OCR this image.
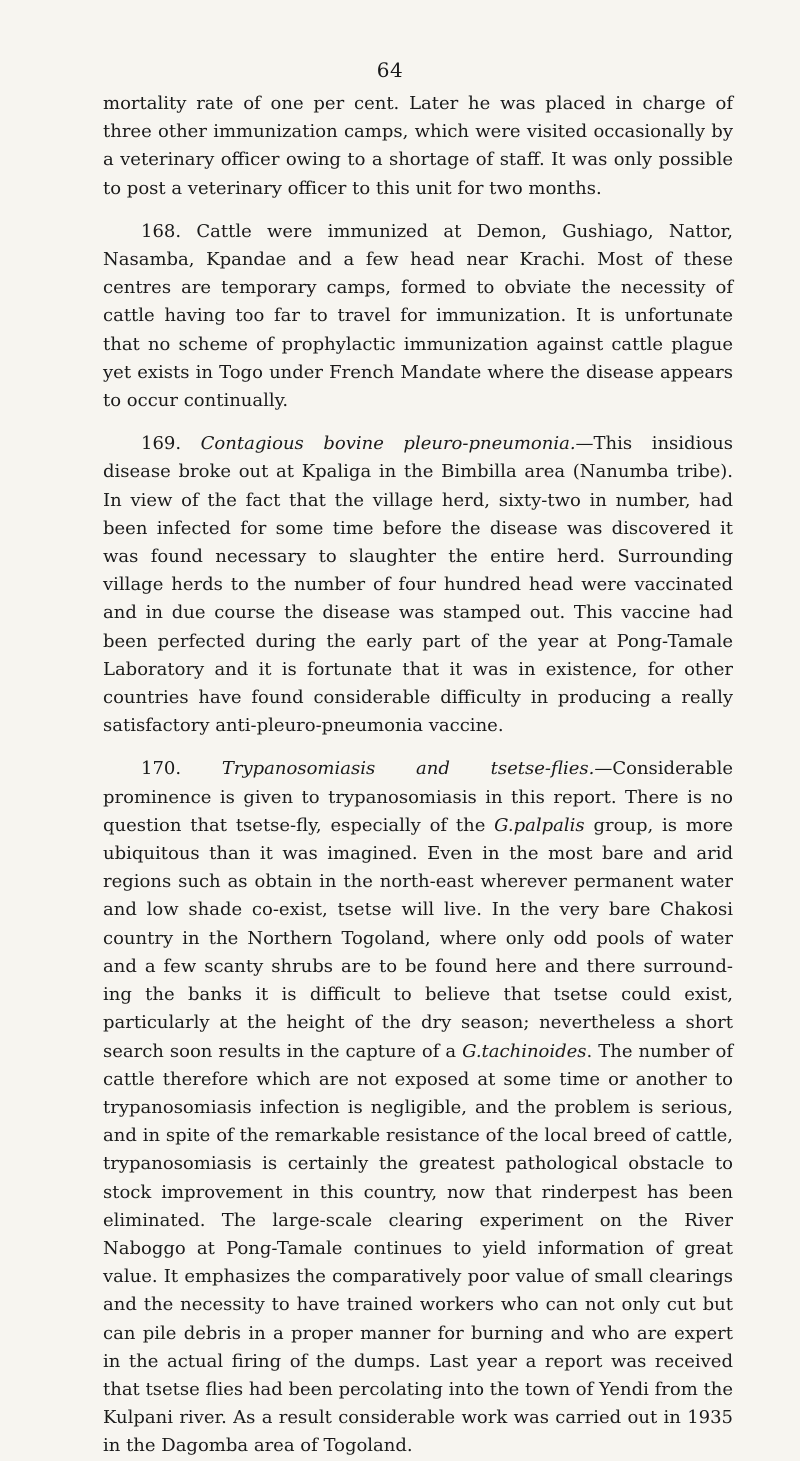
64

mortality rate of one per cent. Later he was placed in charge of three other immunization camps, which were visited occasionally by a veterinary officer owing to a shortage of staff. It was only possible to post a veterinary officer to this unit for two months.

168. Cattle were immunized at Demon, Gushiago, Nattor, Nasamba, Kpandae and a few head near Krachi. Most of these centres are temporary camps, formed to obviate the necessity of cattle having too far to travel for immunization. It is unfortunate that no scheme of prophylactic immunization against cattle plague yet exists in Togo under French Mandate where the disease appears to occur continually.

169. Contagious bovine pleuro-pneumonia.—This insidious disease broke out at Kpaliga in the Bimbilla area (Nanumba tribe). In view of the fact that the village herd, sixty-two in number, had been infected for some time before the disease was discovered it was found necessary to slaughter the entire herd. Surrounding village herds to the number of four hundred head were vaccinated and in due course the disease was stamped out. This vaccine had been perfected during the early part of the year at Pong-Tamale Laboratory and it is fortunate that it was in existence, for other countries have found considerable difficulty in producing a really satisfactory anti-pleuro-pneumonia vaccine.

170. Trypanosomiasis and tsetse-flies.—Considerable prominence is given to trypanosomiasis in this report. There is no question that tsetse-fly, especially of the G.palpalis group, is more ubiquitous than it was imagined. Even in the most bare and arid regions such as obtain in the north-east wherever permanent water and low shade co-exist, tsetse will live. In the very bare Chakosi country in the Northern Togoland, where only odd pools of water and a few scanty shrubs are to be found here and there surround-ing the banks it is difficult to believe that tsetse could exist, particularly at the height of the dry season; nevertheless a short search soon results in the capture of a G.tachinoides. The number of cattle therefore which are not exposed at some time or another to trypanosomiasis infection is negligible, and the problem is serious, and in spite of the remarkable resistance of the local breed of cattle, trypanosomiasis is certainly the greatest pathological obstacle to stock improvement in this country, now that rinderpest has been eliminated. The large-scale clearing experiment on the River Naboggo at Pong-Tamale continues to yield information of great value. It emphasizes the comparatively poor value of small clearings and the necessity to have trained workers who can not only cut but can pile debris in a proper manner for burning and who are expert in the actual firing of the dumps. Last year a report was received that tsetse flies had been percolating into the town of Yendi from the Kulpani river. As a result considerable work was carried out in 1935 in the Dagomba area of Togoland.
